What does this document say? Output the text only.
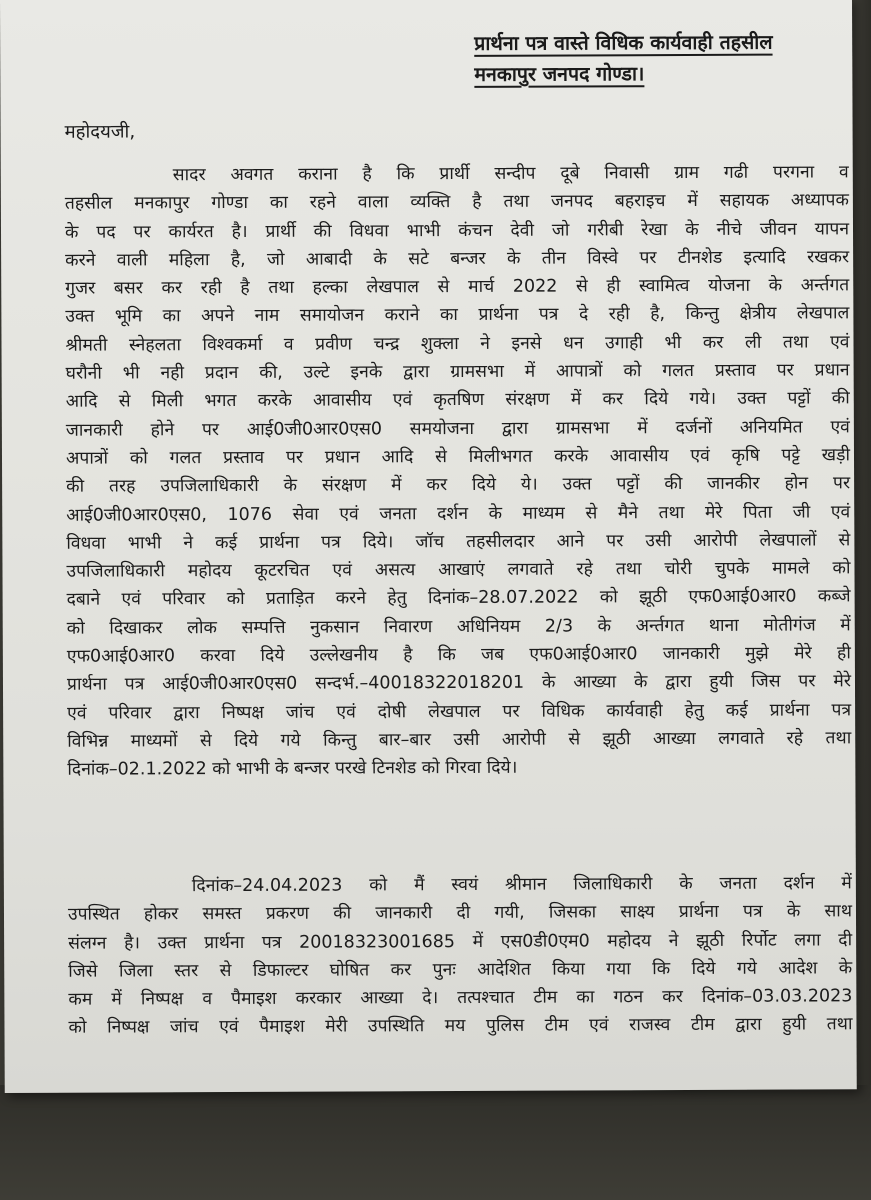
प्रार्थना पत्र वास्ते विधिक कार्यवाही तहसील
मनकापुर जनपद गोण्डा।
महोदयजी,
सादर अवगत कराना है कि प्रार्थी सन्दीप दूबे निवासी ग्राम गढी परगना व
तहसील मनकापुर गोण्डा का रहने वाला व्यक्ति है तथा जनपद बहराइच में सहायक अध्यापक
के पद पर कार्यरत है। प्रार्थी की विधवा भाभी कंचन देवी जो गरीबी रेखा के नीचे जीवन यापन
करने वाली महिला है, जो आबादी के सटे बन्जर के तीन विस्वे पर टीनशेड इत्यादि रखकर
गुजर बसर कर रही है तथा हल्का लेखपाल से मार्च 2022 से ही स्वामित्व योजना के अर्न्तगत
उक्त भूमि का अपने नाम समायोजन कराने का प्रार्थना पत्र दे रही है, किन्तु क्षेत्रीय लेखपाल
श्रीमती स्नेहलता विश्वकर्मा व प्रवीण चन्द्र शुक्ला ने इनसे धन उगाही भी कर ली तथा एवं
घरौनी भी नही प्रदान की, उल्टे इनके द्वारा ग्रामसभा में आपात्रों को गलत प्रस्ताव पर प्रधान
आदि से मिली भगत करके आवासीय एवं कृतषिण संरक्षण में कर दिये गये। उक्त पट्टों की
जानकारी होने पर आई0जी0आर0एस0 समयोजना द्वारा ग्रामसभा में दर्जनों अनियमित एवं
अपात्रों को गलत प्रस्ताव पर प्रधान आदि से मिलीभगत करके आवासीय एवं कृषि पट्टे खड़ी
की तरह उपजिलाधिकारी के संरक्षण में कर दिये ये। उक्त पट्टों की जानकीर होन पर
आई0जी0आर0एस0, 1076 सेवा एवं जनता दर्शन के माध्यम से मैने तथा मेरे पिता जी एवं
विधवा भाभी ने कई प्रार्थना पत्र दिये। जॉच तहसीलदार आने पर उसी आरोपी लेखपालों से
उपजिलाधिकारी महोदय कूटरचित एवं असत्य आखाएं लगवाते रहे तथा चोरी चुपके मामले को
दबाने एवं परिवार को प्रताड़ित करने हेतु दिनांक–28.07.2022 को झूठी एफ0आई0आर0 कब्जे
को दिखाकर लोक सम्पत्ति नुकसान निवारण अधिनियम 2/3 के अर्न्तगत थाना मोतीगंज में
एफ0आई0आर0 करवा दिये उल्लेखनीय है कि जब एफ0आई0आर0 जानकारी मुझे मेरे ही
प्रार्थना पत्र आई0जी0आर0एस0 सन्दर्भ.–40018322018201 के आख्या के द्वारा हुयी जिस पर मेरे
एवं परिवार द्वारा निष्पक्ष जांच एवं दोषी लेखपाल पर विधिक कार्यवाही हेतु कई प्रार्थना पत्र
विभिन्न माध्यमों से दिये गये किन्तु बार–बार उसी आरोपी से झूठी आख्या लगवाते रहे तथा
दिनांक–02.1.2022 को भाभी के बन्जर परखे टिनशेड को गिरवा दिये।
दिनांक–24.04.2023 को मैं स्वयं श्रीमान जिलाधिकारी के जनता दर्शन में
उपस्थित होकर समस्त प्रकरण की जानकारी दी गयी, जिसका साक्ष्य प्रार्थना पत्र के साथ
संलग्न है। उक्त प्रार्थना पत्र 20018323001685 में एस0डी0एम0 महोदय ने झूठी रिर्पोट लगा दी
जिसे जिला स्तर से डिफाल्टर घोषित कर पुनः आदेशित किया गया कि दिये गये आदेश के
कम में निष्पक्ष व पैमाइश करकार आख्या दे। तत्पश्चात टीम का गठन कर दिनांक–03.03.2023
को निष्पक्ष जांच एवं पैमाइश मेरी उपस्थिति मय पुलिस टीम एवं राजस्व टीम द्वारा हुयी तथा
